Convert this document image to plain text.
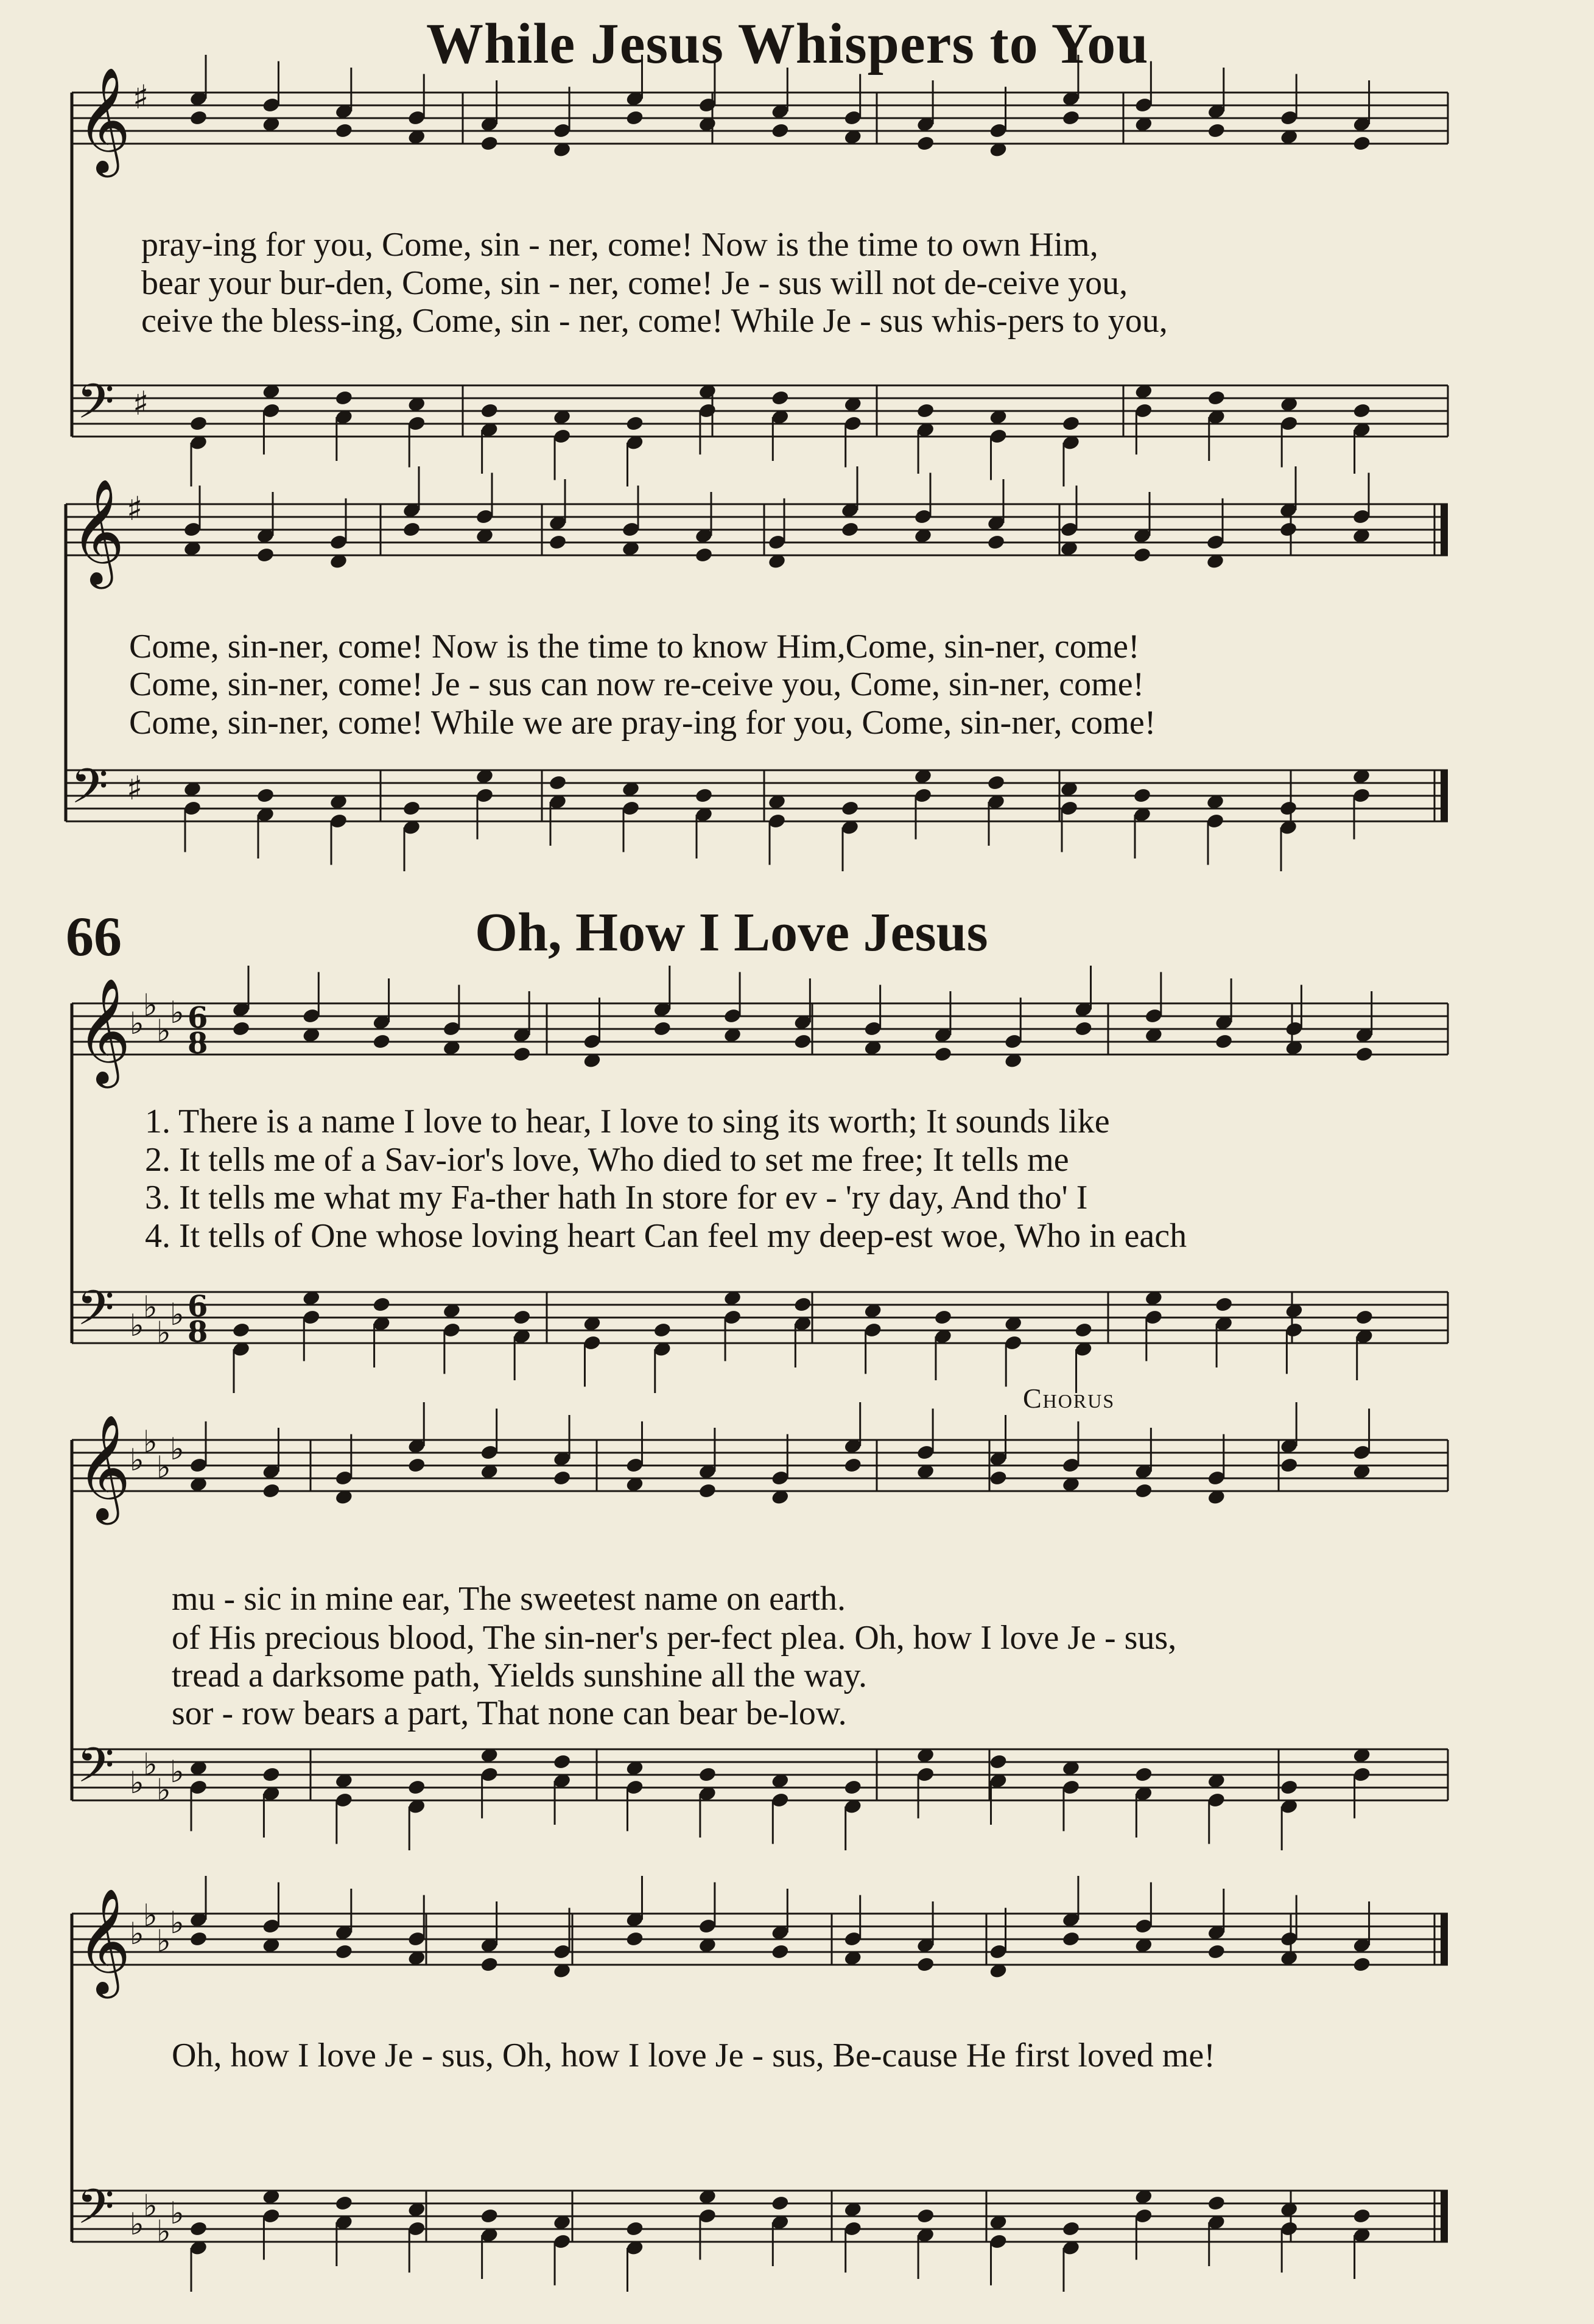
𝄞 ♯
𝄢 ♯
𝄞 ♯
𝄢 ♯
𝄞
♭
♭
♭
♭ 6
8
𝄢 ♭
♭
♭
♭ 6
8
𝄞
♭
♭
♭
♭
𝄢 ♭
♭
♭
♭
𝄞
♭
♭
♭
♭
𝄢 ♭
♭
♭
♭
While Jesus Whispers to You
pray-ing for you, Come, sin - ner, come! Now is the time to own Him,
bear your bur-den, Come, sin - ner, come! Je - sus will not de-ceive you,
ceive the bless-ing, Come, sin - ner, come! While Je - sus whis-pers to you,
Come, sin-ner, come! Now is the time to know Him,Come, sin-ner, come!
Come, sin-ner, come! Je - sus can now re-ceive you, Come, sin-ner, come!
Come, sin-ner, come! While we are pray-ing for you, Come, sin-ner, come!
66	Oh, How I Love Jesus
1. There is a name I love to hear, I love to sing its worth; It sounds like
2. It tells me of a Sav-ior's love, Who died to set me free; It tells me
3. It tells me what my Fa-ther hath In store for ev - 'ry day, And tho' I
4. It tells of One whose loving heart Can feel my deep-est woe, Who in each
Chorus
mu - sic in mine ear, The sweetest name on earth.
of His precious blood, The sin-ner's per-fect plea. Oh, how I love Je - sus,
tread a darksome path, Yields sunshine all the way.
sor - row bears a part, That none can bear be-low.
Oh, how I love Je - sus, Oh, how I love Je - sus, Be-cause He first loved me!
